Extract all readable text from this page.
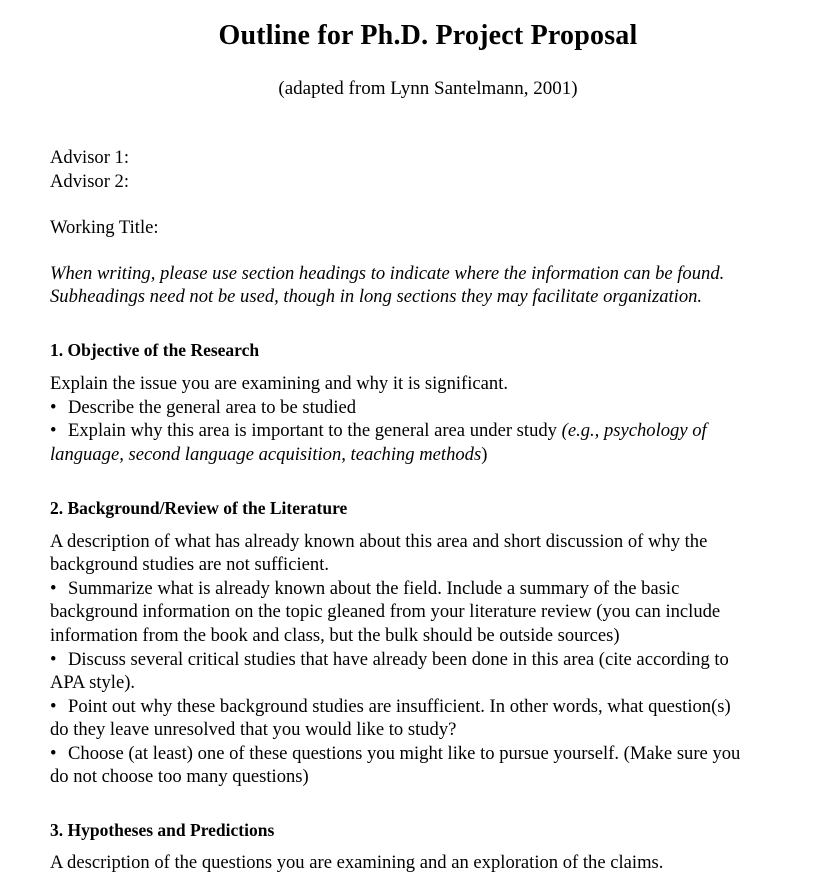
Outline for Ph.D. Project Proposal
(adapted from Lynn Santelmann, 2001)
Advisor 1:
Advisor 2:
Working Title:
When writing, please use section headings to indicate where the information can be found.
Subheadings need not be used, though in long sections they may facilitate organization.
1. Objective of the Research
Explain the issue you are examining and why it is significant.
• Describe the general area to be studied
• Explain why this area is important to the general area under study (e.g., psychology of
language, second language acquisition, teaching methods)
2. Background/Review of the Literature
A description of what has already known about this area and short discussion of why the
background studies are not sufficient.
• Summarize what is already known about the field. Include a summary of the basic
background information on the topic gleaned from your literature review (you can include
information from the book and class, but the bulk should be outside sources)
• Discuss several critical studies that have already been done in this area (cite according to
APA style).
• Point out why these background studies are insufficient. In other words, what question(s)
do they leave unresolved that you would like to study?
• Choose (at least) one of these questions you might like to pursue yourself. (Make sure you
do not choose too many questions)
3. Hypotheses and Predictions
A description of the questions you are examining and an exploration of the claims.
